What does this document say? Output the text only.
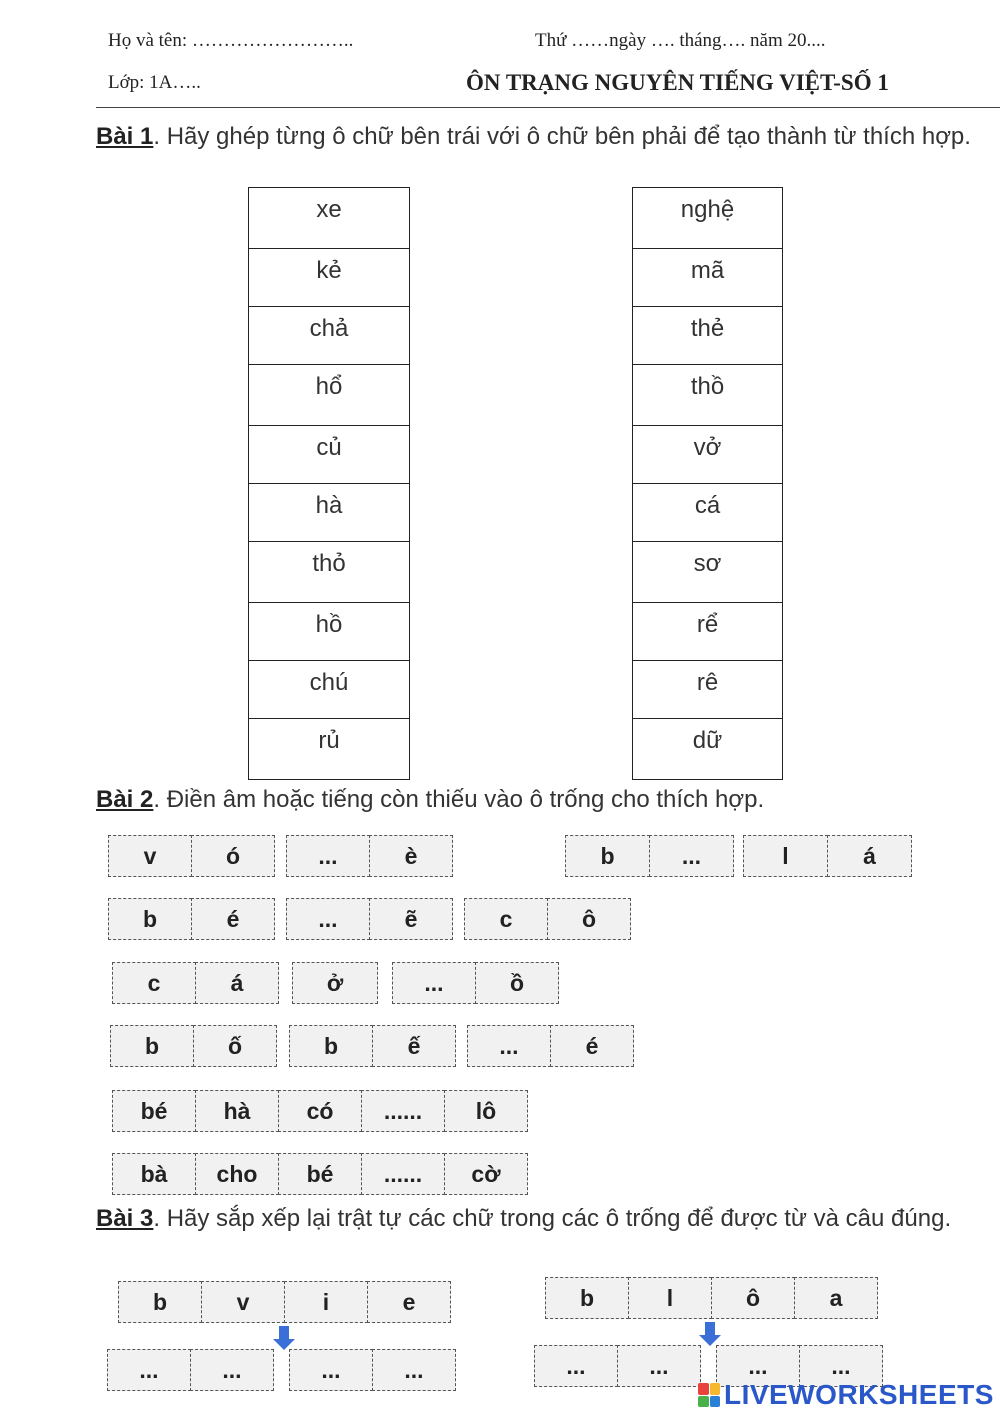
Họ và tên: ……………………..	Thứ ……ngày …. tháng…. năm 20....
Lớp: 1A…..	ÔN TRẠNG NGUYÊN TIẾNG VIỆT-SỐ 1
Bài 1. Hãy ghép từng ô chữ bên trái với ô chữ bên phải để tạo thành từ thích hợp.
xe
kẻ
chả
hổ
củ
hà
thỏ
hồ
chú
rủ
nghệ
mã
thẻ
thồ
vở
cá
sơ
rể
rê
dữ
Bài 2. Điền âm hoặc tiếng còn thiếu vào ô trống cho thích hợp.
v	ó	...	è	b	...	l	á
b	é	...	ẽ	c	ô
c	á	ở	...	ồ
b	ố	b	ế	...	é
bé	hà	có	......	lô
bà	cho	bé	......	cờ
Bài 3. Hãy sắp xếp lại trật tự các chữ trong các ô trống để được từ và câu đúng.
b	v	i	e	b	l	ô	a
...	...	...	...	...	...	...	...
LIVEWORKSHEETS
